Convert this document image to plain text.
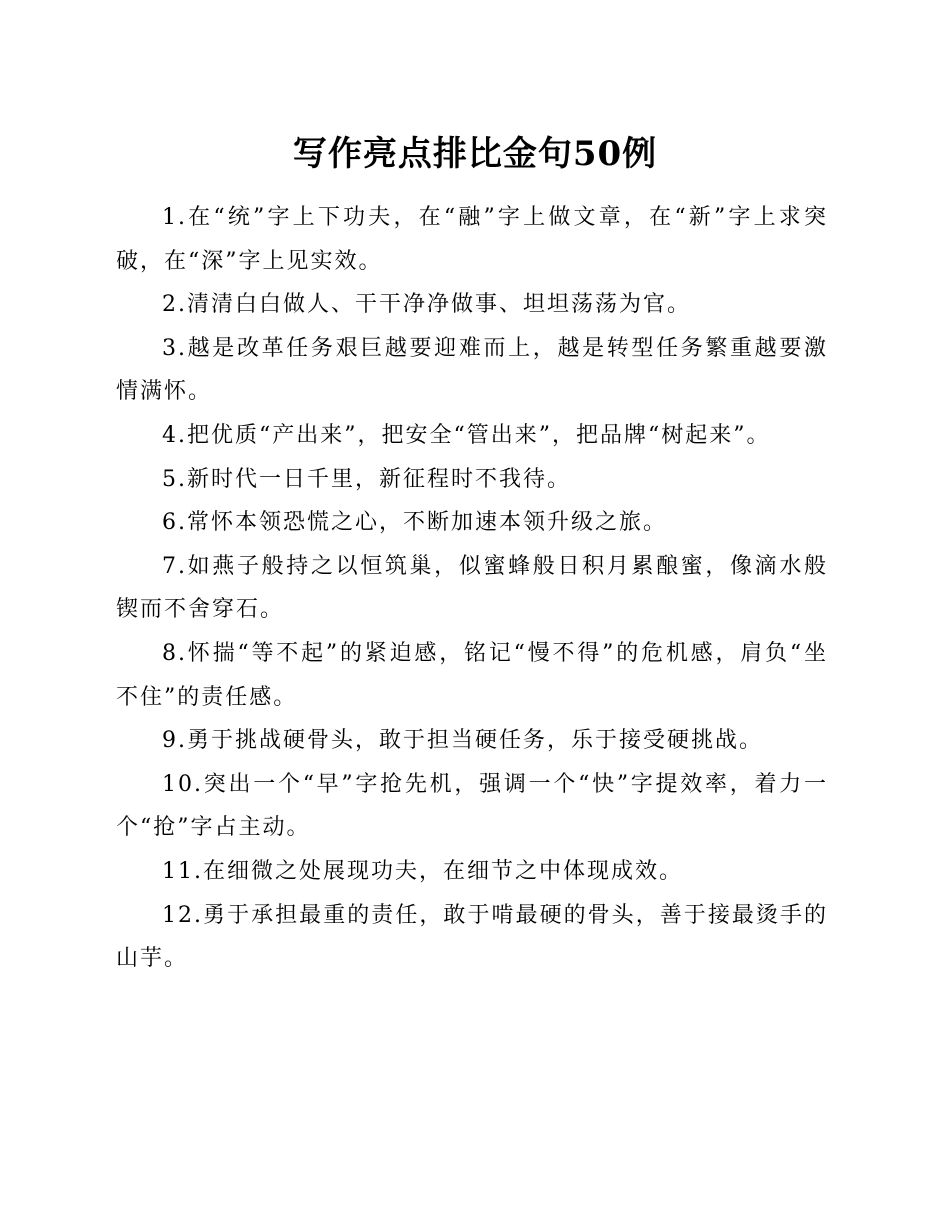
写作亮点排比金句50例

1.在“统”字上下功夫，在“融”字上做文章，在“新”字上求突破，在“深”字上见实效。

2.清清白白做人、干干净净做事、坦坦荡荡为官。

3.越是改革任务艰巨越要迎难而上，越是转型任务繁重越要激情满怀。

4.把优质“产出来”，把安全“管出来”，把品牌“树起来”。

5.新时代一日千里，新征程时不我待。

6.常怀本领恐慌之心，不断加速本领升级之旅。

7.如燕子般持之以恒筑巢，似蜜蜂般日积月累酿蜜，像滴水般锲而不舍穿石。

8.怀揣“等不起”的紧迫感，铭记“慢不得”的危机感，肩负“坐不住”的责任感。

9.勇于挑战硬骨头，敢于担当硬任务，乐于接受硬挑战。

10.突出一个“早”字抢先机，强调一个“快”字提效率，着力一个“抢”字占主动。

11.在细微之处展现功夫，在细节之中体现成效。

12.勇于承担最重的责任，敢于啃最硬的骨头，善于接最烫手的山芋。
